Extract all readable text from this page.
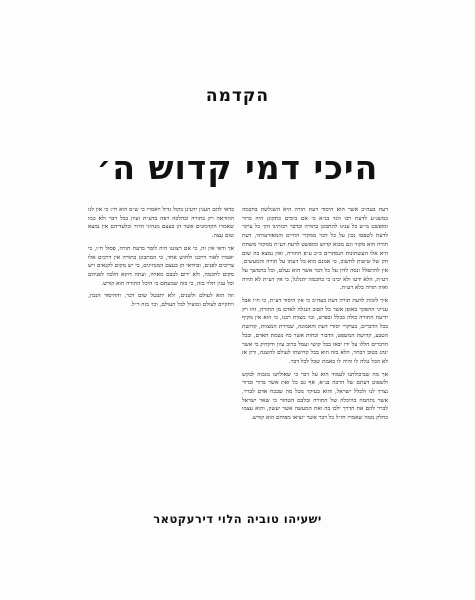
הקדמה
היכי דמי קדוש ה׳

דעת בעה״ב אשר הוא היסוד דעת תורה היא השגלשת בחכמה כמשנ״ע לדעת רבו הגד בנ״א כי אם בימים כתקונן היה ברור ומופשט מ״ש כל ענינו להתבונן בתורה ובדבר רבותינו הק׳ כל עיקר לדעת לשפטו נכון על כל דבר ממקרי החיים והמאורעותיו, דעת תורה הוא מקור וגם מבוא קדוש ומופשט לדעת דע״ת ממקור משתת היא אלו העשתונות הנסתרים ב״כ ע״פ התורה, ואין נמצא בה שום חק של שיטות לחשוב, כי אמנם הוא כל דעתו על תורה והמעשים, אין להתפלל ונסה לדון על כל דבר אשר הוא נעלם, וכל בהמשך על דע״ת, הלא ידעו ולא יבינו כי בחכמה יתגלגל, כי אין דע״ת לא תורה ואיה תורה בלא דע״ת.

איך לזכות לדעת תורה דעת בעה״ב כי אין היסוד דע״ת, כי ח״ו אבל ענייני ההפקר באופן אשר כל הטוב הנגלה לאדם מן התורה, זהו רק ידיעת התורה כולה בכלל ובפרט, וכו׳ מצוות רבנו, כי הוא אין מקיף בכל הדברים, בעיקרי יסודי דעת והאמונה, שמירת המצוות, קדושת הטבע, קדושת המשפט, הדבור וכחות אשר כח נשמת האדם, ובכל הדברים הללו על ידו יבאו בכל קושי ועמל ברוב עיון ודקדוק כי אשר ינהג בטוב ויבחר, הלא בזה הוא בכל קדושתו לעולם להשגה, ורק אז לא הכל נגלה לו והיה לו באמת שכל לכל דבר.

אך מה שביכולתנו לעמוד הוא על דבר כי שאולתנו מגבוה לבקש ולשפוט דעתם של הרבה בנ״א, אף גם כל זאת אשר בדור ובדור נצרך לנו ולכלל ישראל, והוא בעיקר מכל מה שבכח אדם לברר, אשר נתחמה בהיכלה של התורה ובלבם הטהור כי שאר ישראל לברר להם את הדרך ילכו בה ואת המעשה אשר יעשון, והוא עצמו כחלק ממה שאמרו חז״ל כל דבר אשר יוציאו מפיהם הוא קודש.

כדאי להם הענין ידעינן בקול גדול ויאמרו כי ש״ס הוא ח״ו כי אין לנו ההוראה רק בתורה ובהלכה ויפה בדע״ת ועיון בכל דבר ולא כמו שאמרו הקדמונים אשר הן בעצם מנהיגי הדור ובלעדיהם אין נמצא שום עצה.

אך ודאי אין זה, כי אם רצוננו היה לומר בדעת תורה, פסול ח״ו, כי יאמרו לאור דרכנו ולחוש אחד, כי המתבונן בתורה אין דרכים אלו צריכים לפנים, ובוודאי הן בעצם המנהיגים, כי יש מקום לקנאים ויש מקום לחכמה, ולא ירום לבבם מאחיו, ועתה דוקא הלכה לפניהם וכל ענין תלוי בזה, כי בזה שמעתם כי היכל התורה הוא קודש.

וזה הוא לעולם ולשנים, ולא יתבטל שום דבר, וההיסוד הנכון, ויתקיים לעולם ומועיל לכל העולם, וכו׳ בזה ר״ל.

ישעיהו טוביה הלוי דירעקטאר
